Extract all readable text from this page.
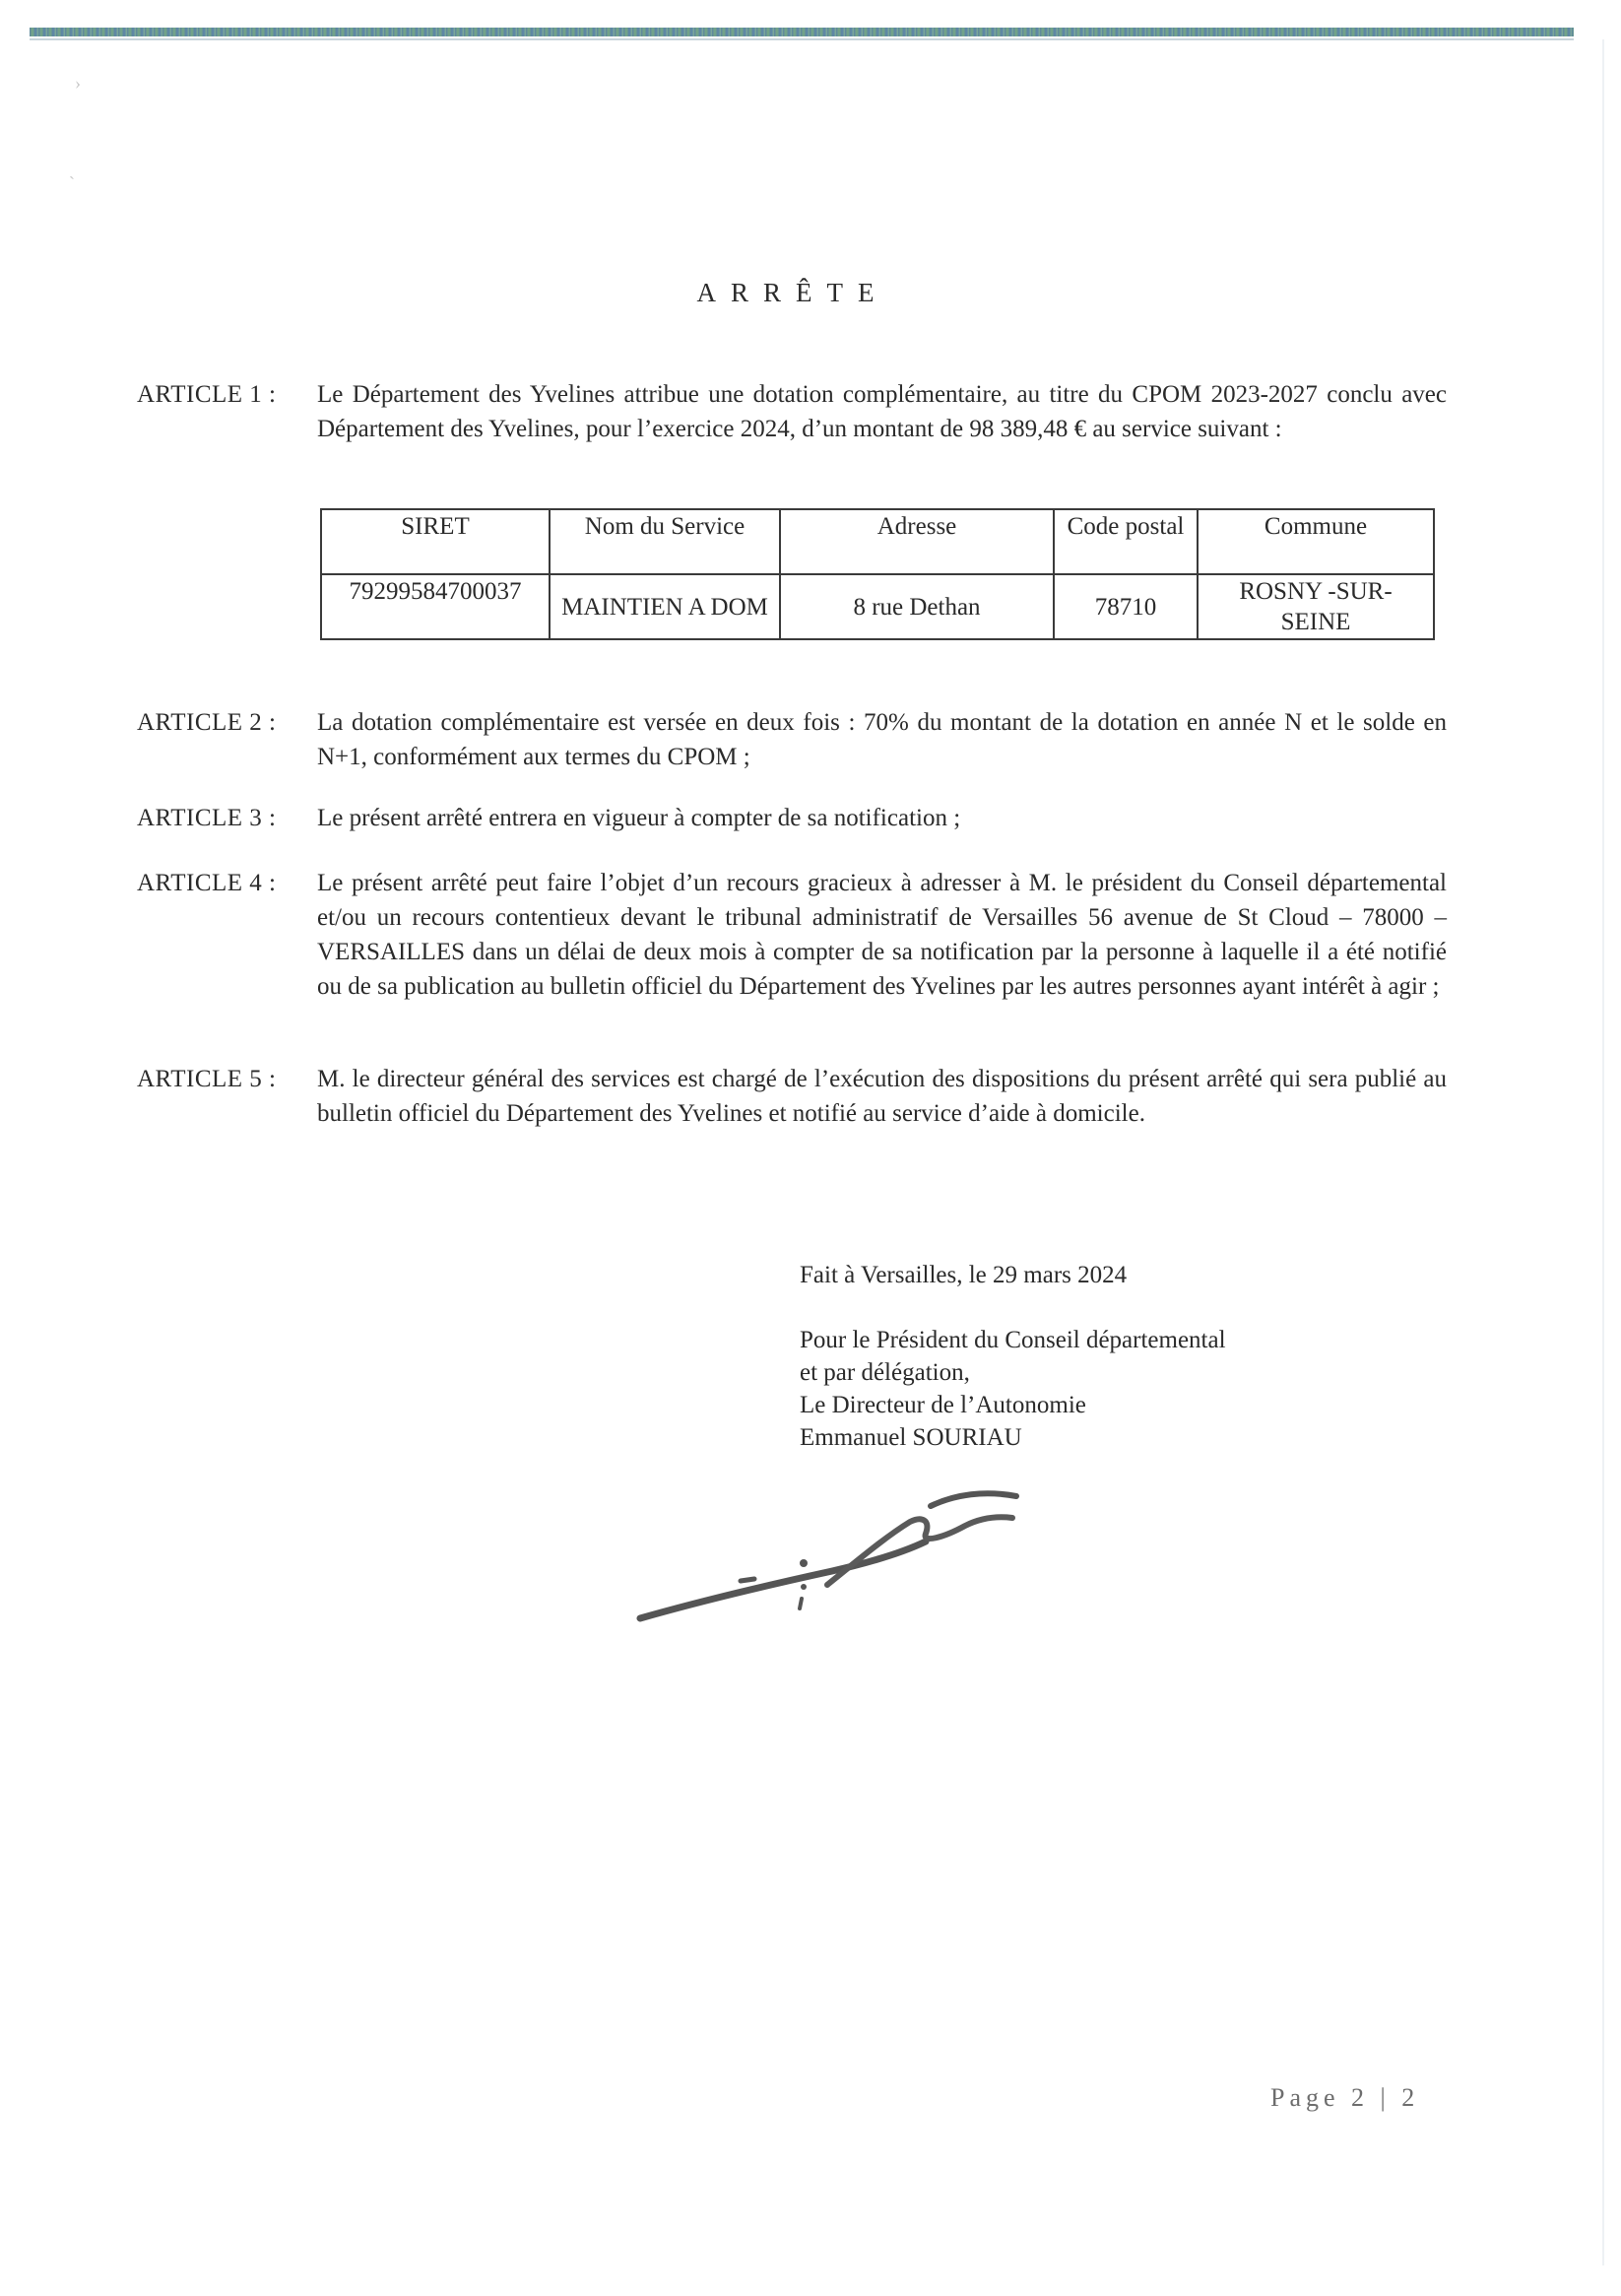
›
ˏ
ARRÊTE
ARTICLE 1 :	Le Département des Yvelines attribue une dotation complémentaire, au titre du CPOM 2023-2027 conclu avec Département des Yvelines, pour l’exercice 2024, d’un montant de 98 389,48 € au service suivant :
SIRET	Nom du Service	Adresse	Code postal	Commune
79299584700037	MAINTIEN A DOM	8 rue Dethan	78710	ROSNY -SUR-SEINE
ARTICLE 2 :	La dotation complémentaire est versée en deux fois : 70% du montant de la dotation en année N et le solde en N+1, conformément aux termes du CPOM ;
ARTICLE 3 :	Le présent arrêté entrera en vigueur à compter de sa notification ;
ARTICLE 4 :	Le présent arrêté peut faire l’objet d’un recours gracieux à adresser à M. le président du Conseil départemental et/ou un recours contentieux devant le tribunal administratif de Versailles 56 avenue de St Cloud – 78000 – VERSAILLES dans un délai de deux mois à compter de sa notification par la personne à laquelle il a été notifié ou de sa publication au bulletin officiel du Département des Yvelines par les autres personnes ayant intérêt à agir ;
ARTICLE 5 :	M. le directeur général des services est chargé de l’exécution des dispositions du présent arrêté qui sera publié au bulletin officiel du Département des Yvelines et notifié au service d’aide à domicile.
Fait à Versailles, le 29 mars 2024
Pour le Président du Conseil départemental
et par délégation,
Le Directeur de l’Autonomie
Emmanuel SOURIAU
Page 2 | 2
